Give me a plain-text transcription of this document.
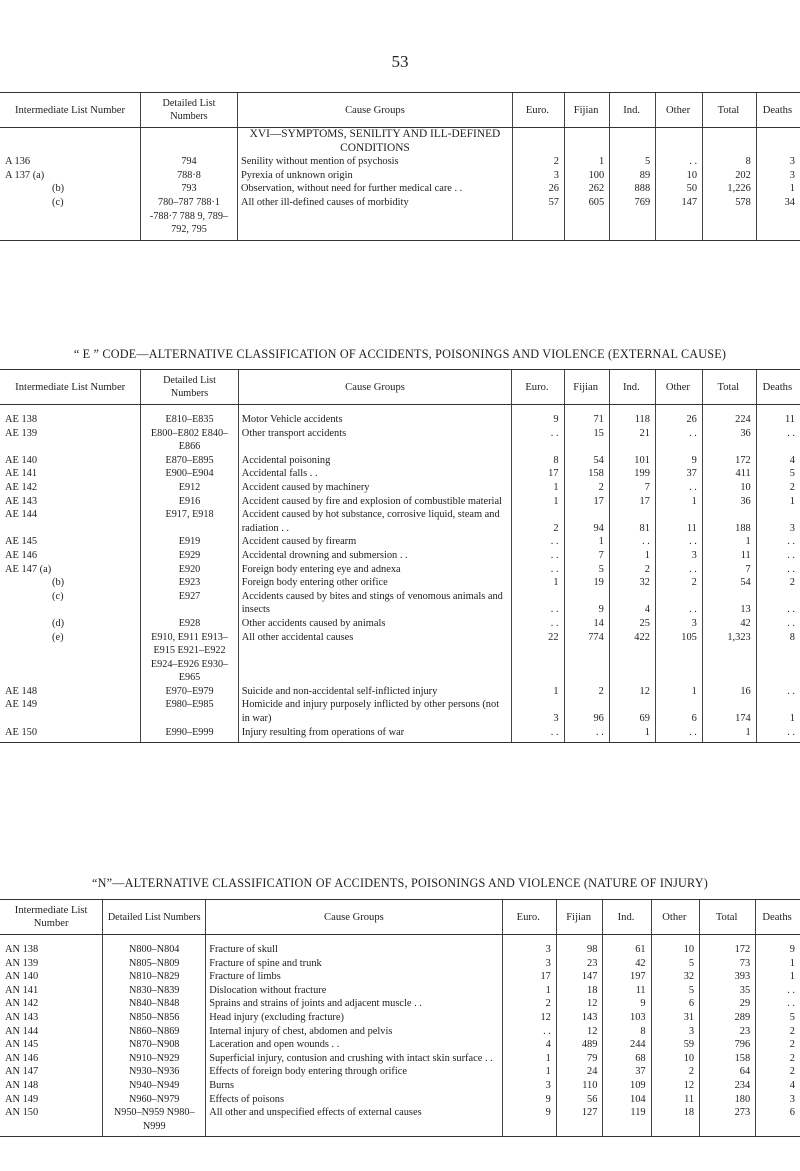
53
Intermediate List Number	Detailed List Numbers	Cause Groups	Euro.	Fijian	Ind.	Other	Total	Deaths
		XVI—SYMPTOMS, SENILITY AND ILL-DEFINED CONDITIONS						
A 136	794	Senility without mention of psychosis	2	1	5	. .	8	3
A 137 (a)	788·8	Pyrexia of unknown origin	3	100	89	10	202	3
(b)	793	Observation, without need for further medical care . .	26	262	888	50	1,226	1
(c)	780–787 788·1 -788·7 788 9, 789–792, 795	All other ill-defined causes of morbidity	57	605	769	147	578	34
“ E ” CODE—ALTERNATIVE CLASSIFICATION OF ACCIDENTS, POISONINGS AND VIOLENCE (EXTERNAL CAUSE)
Intermediate List Number	Detailed List Numbers	Cause Groups	Euro.	Fijian	Ind.	Other	Total	Deaths

AE 138	E810–E835	Motor Vehicle accidents	9	71	118	26	224	11
AE 139	E800–E802 E840–E866	Other transport accidents	. .	15	21	. .	36	. .
AE 140	E870–E895	Accidental poisoning	8	54	101	9	172	4
AE 141	E900–E904	Accidental falls . .	17	158	199	37	411	5
AE 142	E912	Accident caused by machinery	1	2	7	. .	10	2
AE 143	E916	Accident caused by fire and explosion of combustible material	1	17	17	1	36	1
AE 144	E917, E918	Accident caused by hot substance, corrosive liquid, steam and radiation . .	2	94	81	11	188	3
AE 145	E919	Accident caused by firearm	. .	1	. .	. .	1	. .
AE 146	E929	Accidental drowning and submersion . .	. .	7	1	3	11	. .
AE 147 (a)	E920	Foreign body entering eye and adnexa	. .	5	2	. .	7	. .
(b)	E923	Foreign body entering other orifice	1	19	32	2	54	2
(c)	E927	Accidents caused by bites and stings of venomous animals and insects	. .	9	4	. .	13	. .
(d)	E928	Other accidents caused by animals	. .	14	25	3	42	. .
(e)	E910, E911 E913–E915 E921–E922 E924–E926 E930–E965	All other accidental causes	22	774	422	105	1,323	8
AE 148	E970–E979	Suicide and non-accidental self-inflicted injury	1	2	12	1	16	. .
AE 149	E980–E985	Homicide and injury purposely inflicted by other persons (not in war)	3	96	69	6	174	1
AE 150	E990–E999	Injury resulting from operations of war	. .	. .	1	. .	1	. .
“N”—ALTERNATIVE CLASSIFICATION OF ACCIDENTS, POISONINGS AND VIOLENCE (NATURE OF INJURY)
Intermediate List Number	Detailed List Numbers	Cause Groups	Euro.	Fijian	Ind.	Other	Total	Deaths

AN 138	N800–N804	Fracture of skull	3	98	61	10	172	9
AN 139	N805–N809	Fracture of spine and trunk	3	23	42	5	73	1
AN 140	N810–N829	Fracture of limbs	17	147	197	32	393	1
AN 141	N830–N839	Dislocation without fracture	1	18	11	5	35	. .
AN 142	N840–N848	Sprains and strains of joints and adjacent muscle . .	2	12	9	6	29	. .
AN 143	N850–N856	Head injury (excluding fracture)	12	143	103	31	289	5
AN 144	N860–N869	Internal injury of chest, abdomen and pelvis	. .	12	8	3	23	2
AN 145	N870–N908	Laceration and open wounds . .	4	489	244	59	796	2
AN 146	N910–N929	Superficial injury, contusion and crushing with intact skin surface . .	1	79	68	10	158	2
AN 147	N930–N936	Effects of foreign body entering through orifice	1	24	37	2	64	2
AN 148	N940–N949	Burns	3	110	109	12	234	4
AN 149	N960–N979	Effects of poisons	9	56	104	11	180	3
AN 150	N950–N959 N980–N999	All other and unspecified effects of external causes	9	127	119	18	273	6
